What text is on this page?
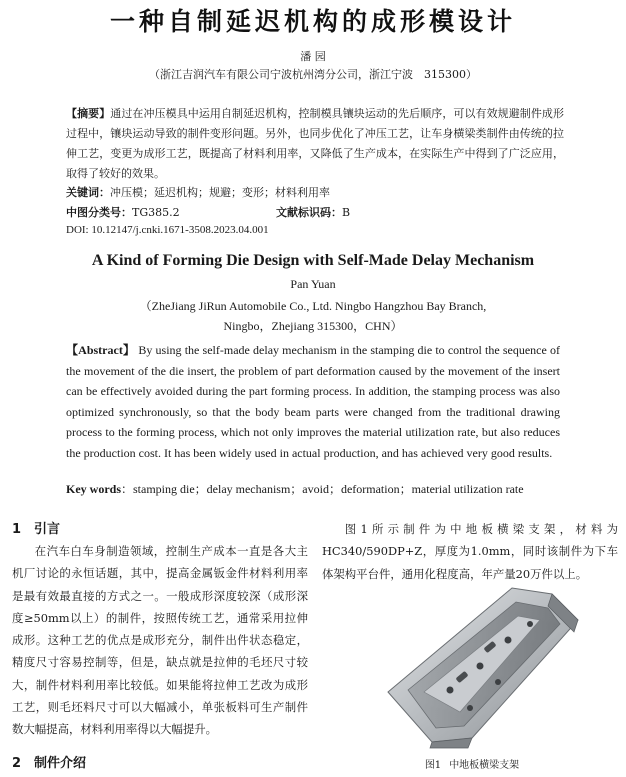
一种自制延迟机构的成形模设计
潘 园
（浙江吉润汽车有限公司宁波杭州湾分公司，浙江宁波　315300）
【摘要】通过在冲压模具中运用自制延迟机构，控制模具镶块运动的先后顺序，可以有效规避制件成形过程中，镶块运动导致的制件变形问题。另外，也同步优化了冲压工艺，让车身横梁类制件由传统的拉伸工艺，变更为成形工艺，既提高了材料利用率，又降低了生产成本，在实际生产中得到了广泛应用，取得了较好的效果。
关键词：冲压模；延迟机构；规避；变形；材料利用率
中图分类号：TG385.2	文献标识码：B
DOI: 10.12147/j.cnki.1671-3508.2023.04.001
A Kind of Forming Die Design with Self-Made Delay Mechanism
Pan Yuan
（ZheJiang JiRun Automobile Co., Ltd. Ningbo Hangzhou Bay Branch,
Ningbo，Zhejiang 315300，CHN）
【Abstract】 By using the self-made delay mechanism in the stamping die to control the sequence of the movement of the die insert, the problem of part deformation caused by the movement of the insert can be effectively avoided during the part forming process. In addition, the stamping process was also optimized synchronously, so that the body beam parts were changed from the traditional drawing process to the forming process, which not only improves the material utilization rate, but also reduces the production cost. It has been widely used in actual production, and has achieved very good results.
Key words：stamping die；delay mechanism；avoid；deformation；material utilization rate
1　引言
在汽车白车身制造领域，控制生产成本一直是各大主机厂讨论的永恒话题，其中，提高金属钣金件材料利用率是最有效最直接的方式之一。一般成形深度较深（成形深度≥50mm以上）的制件，按照传统工艺，通常采用拉伸成形。这种工艺的优点是成形充分，制件出件状态稳定，精度尺寸容易控制等，但是，缺点就是拉伸的毛坯尺寸较大，制件材料利用率比较低。如果能将拉伸工艺改为成形工艺，则毛坯料尺寸可以大幅减小，单张板料可生产制件数大幅提高，材料利用率得以大幅提升。
2　制件介绍
图1所示制件为中地板横梁支架，材料为HC340/590DP+Z，厚度为1.0mm，同时该制件为下车体架构平台件，通用化程度高，年产量20万件以上。
图1 中地板横梁支架
